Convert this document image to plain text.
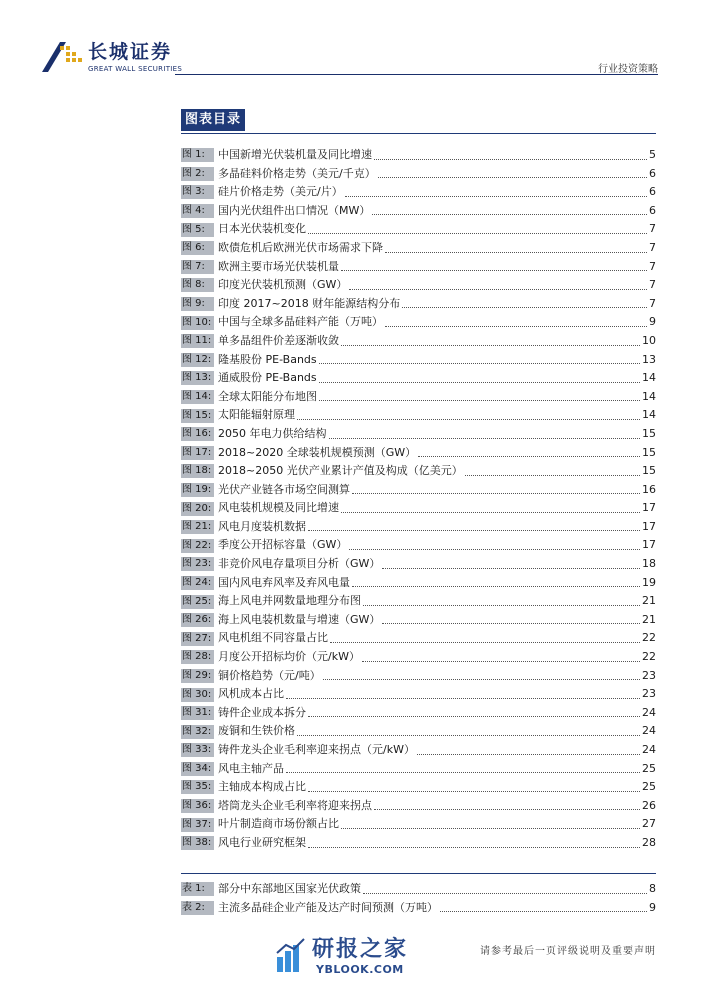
长城证券
GREAT WALL SECURITIES	行业投资策略
图表目录
图 1:	中国新增光伏装机量及同比增速	5
图 2:	多晶硅料价格走势（美元/千克）	6
图 3:	硅片价格走势（美元/片）	6
图 4:	国内光伏组件出口情况（MW）	6
图 5:	日本光伏装机变化	7
图 6:	欧债危机后欧洲光伏市场需求下降	7
图 7:	欧洲主要市场光伏装机量	7
图 8:	印度光伏装机预测（GW）	7
图 9:	印度 2017~2018 财年能源结构分布	7
图 10: 中国与全球多晶硅料产能（万吨）	9
图 11: 单多晶组件价差逐渐收敛	10
图 12: 隆基股份 PE-Bands	13
图 13: 通威股份 PE-Bands	14
图 14: 全球太阳能分布地图	14
图 15: 太阳能辐射原理	14
图 16: 2050 年电力供给结构	15
图 17: 2018~2020 全球装机规模预测（GW）	15
图 18: 2018~2050 光伏产业累计产值及构成（亿美元）	15
图 19: 光伏产业链各市场空间测算	16
图 20: 风电装机规模及同比增速	17
图 21: 风电月度装机数据	17
图 22: 季度公开招标容量（GW）	17
图 23: 非竞价风电存量项目分析（GW）	18
图 24: 国内风电弃风率及弃风电量	19
图 25: 海上风电并网数量地理分布图	21
图 26: 海上风电装机数量与增速（GW）	21
图 27: 风电机组不同容量占比	22
图 28: 月度公开招标均价（元/kW）	22
图 29: 铜价格趋势（元/吨）	23
图 30: 风机成本占比	23
图 31: 铸件企业成本拆分	24
图 32: 废铜和生铁价格	24
图 33: 铸件龙头企业毛利率迎来拐点（元/kW）	24
图 34: 风电主轴产品	25
图 35: 主轴成本构成占比	25
图 36: 塔筒龙头企业毛利率将迎来拐点	26
图 37: 叶片制造商市场份额占比	27
图 38: 风电行业研究框架	28
表 1:	部分中东部地区国家光伏政策	8
表 2:	主流多晶硅企业产能及达产时间预测（万吨）	9
研报之家
YBLOOK.COM
请参考最后一页评级说明及重要声明
